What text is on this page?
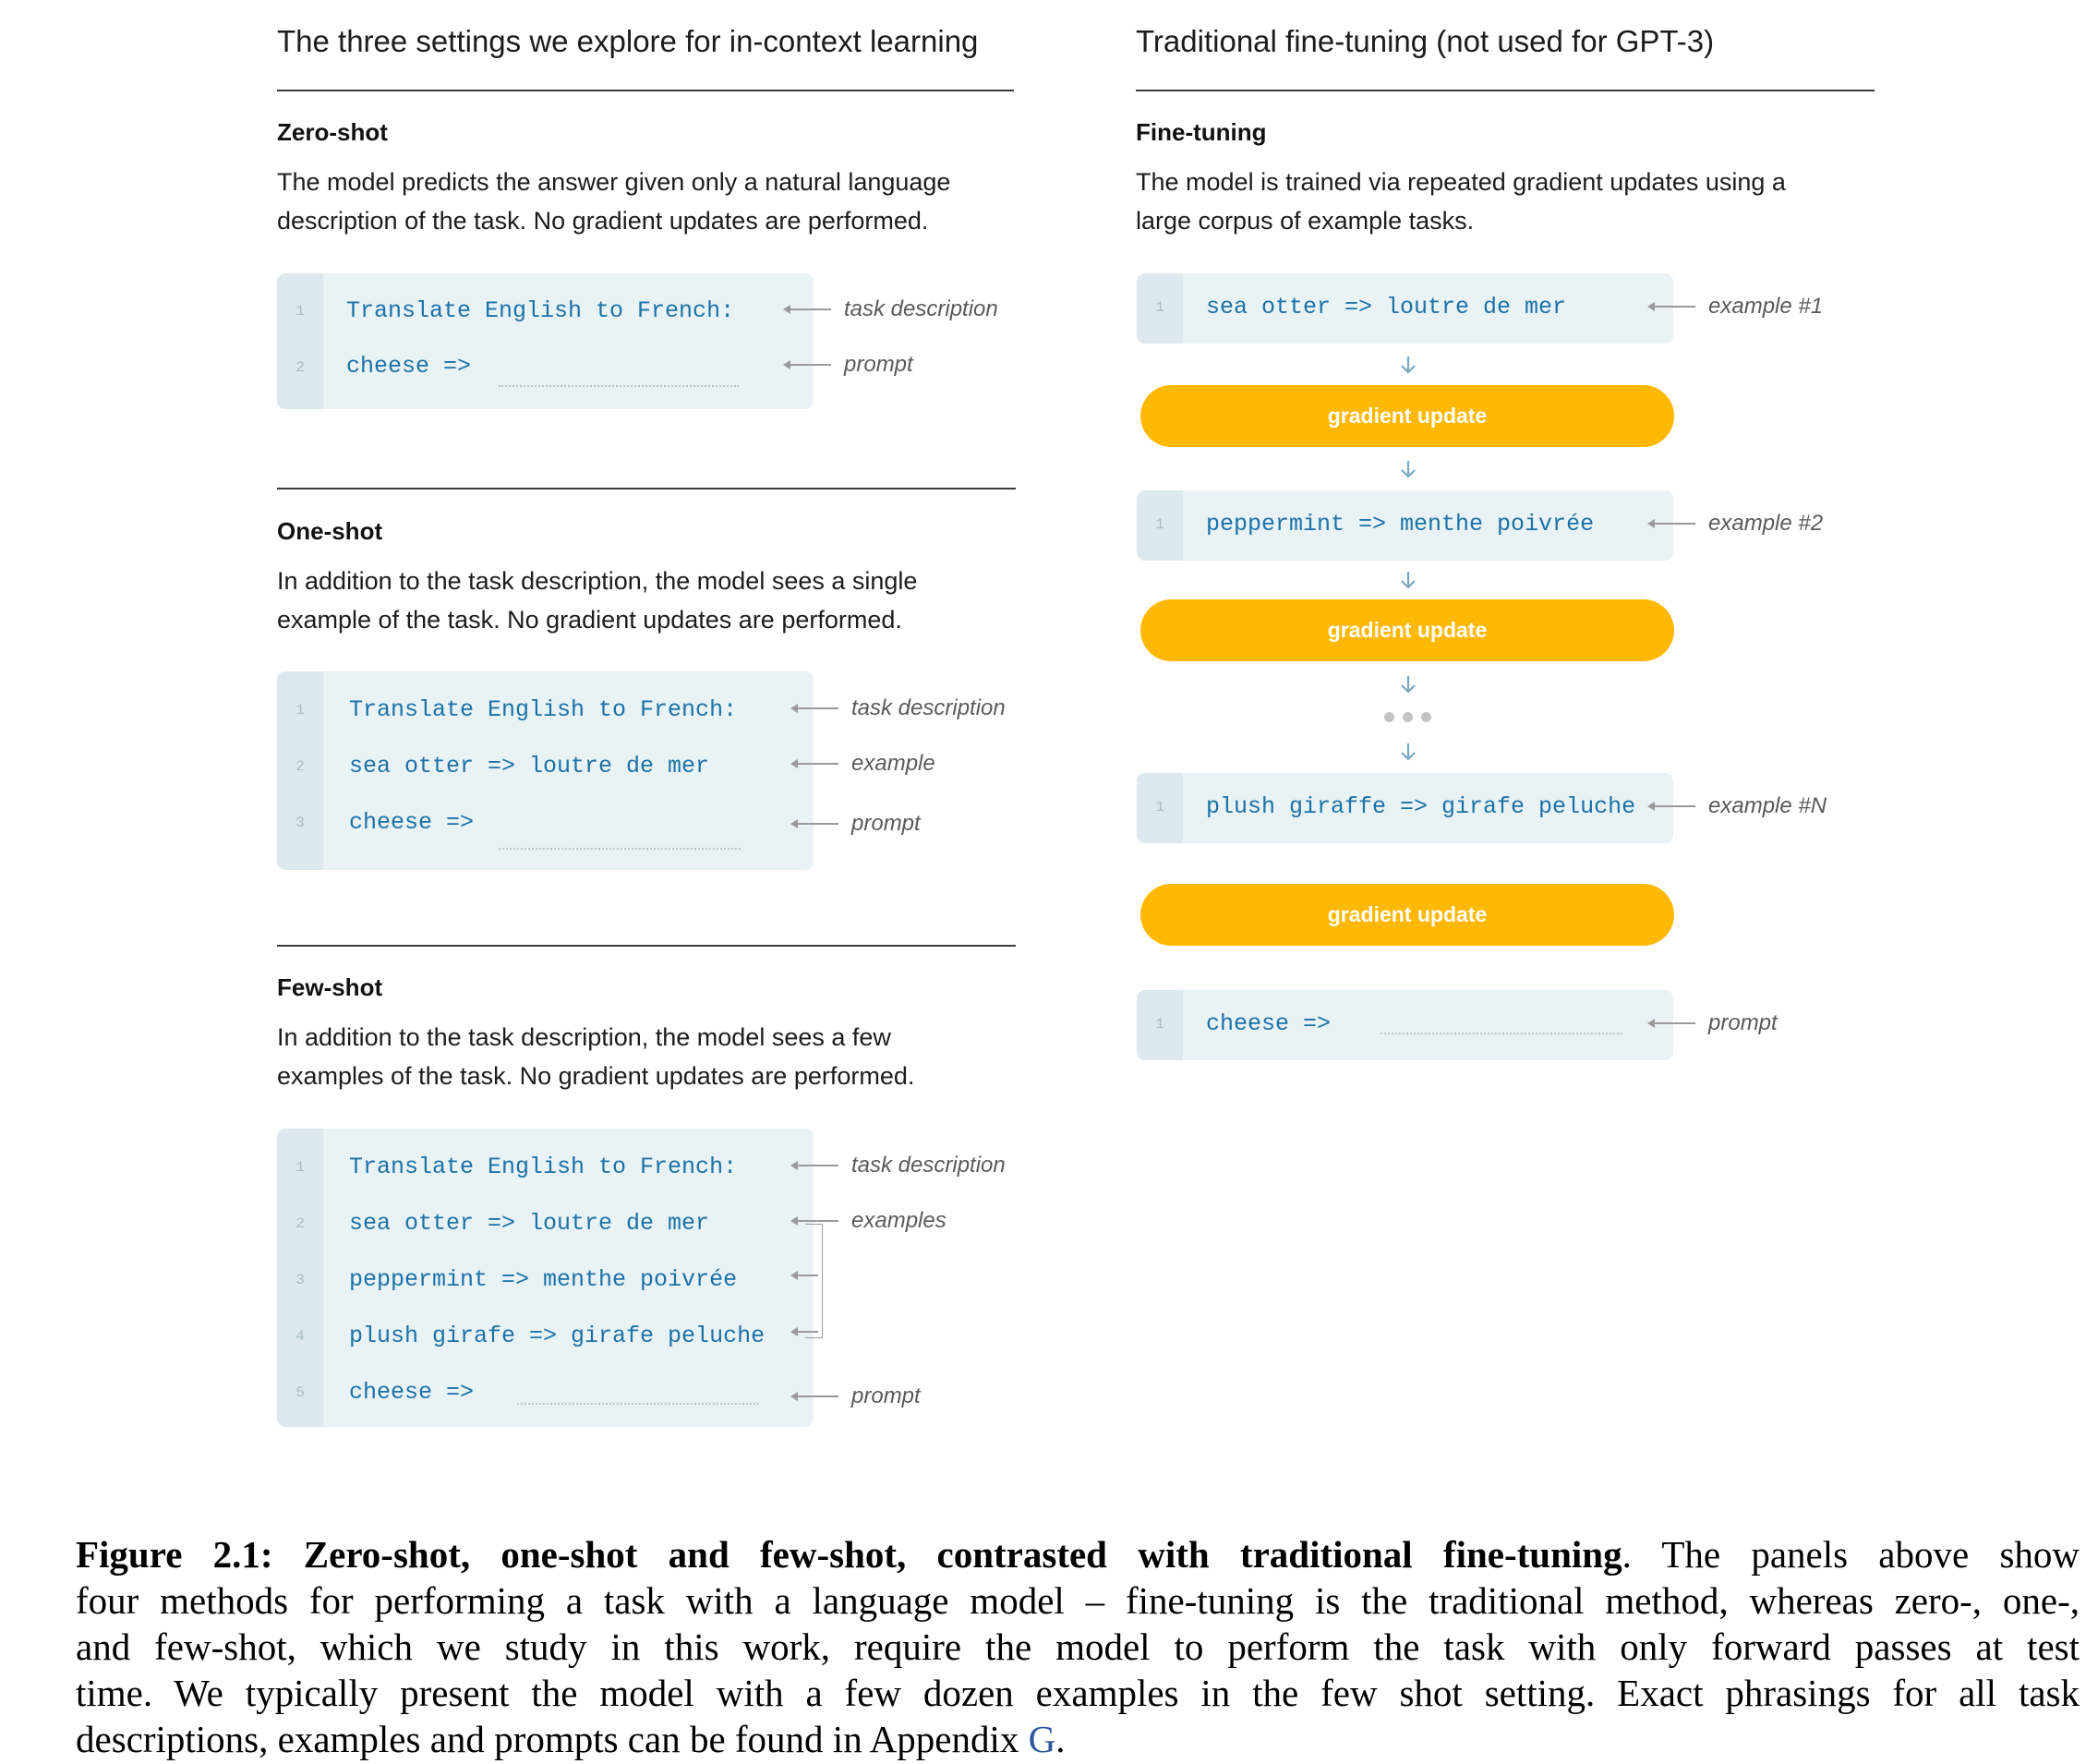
The three settings we explore for in-context learning
Zero-shot
The model predicts the answer given only a natural language
description of the task. No gradient updates are performed.
1	Translate English to French:
2	cheese =>
task description
prompt
One-shot
In addition to the task description, the model sees a single
example of the task. No gradient updates are performed.
1	Translate English to French:
2	sea otter => loutre de mer
3	cheese =>
task description
example
prompt
Few-shot
In addition to the task description, the model sees a few
examples of the task. No gradient updates are performed.
1	Translate English to French:
2	sea otter => loutre de mer
3	peppermint => menthe poivrée
4	plush girafe => girafe peluche
5	cheese =>
task description
examples
prompt
Traditional fine-tuning (not used for GPT-3)
Fine-tuning
The model is trained via repeated gradient updates using a
large corpus of example tasks.
1	sea otter => loutre de mer	example #1
gradient update
1	peppermint => menthe poivrée	example #2
gradient update
1	plush giraffe => girafe peluche	example #N
gradient update
1	cheese =>	prompt
Figure 2.1: Zero-shot, one-shot and few-shot, contrasted with traditional fine-tuning. The panels above show
four methods for performing a task with a language model – fine-tuning is the traditional method, whereas zero-, one-,
and few-shot, which we study in this work, require the model to perform the task with only forward passes at test
time. We typically present the model with a few dozen examples in the few shot setting. Exact phrasings for all task
descriptions, examples and prompts can be found in Appendix G.
